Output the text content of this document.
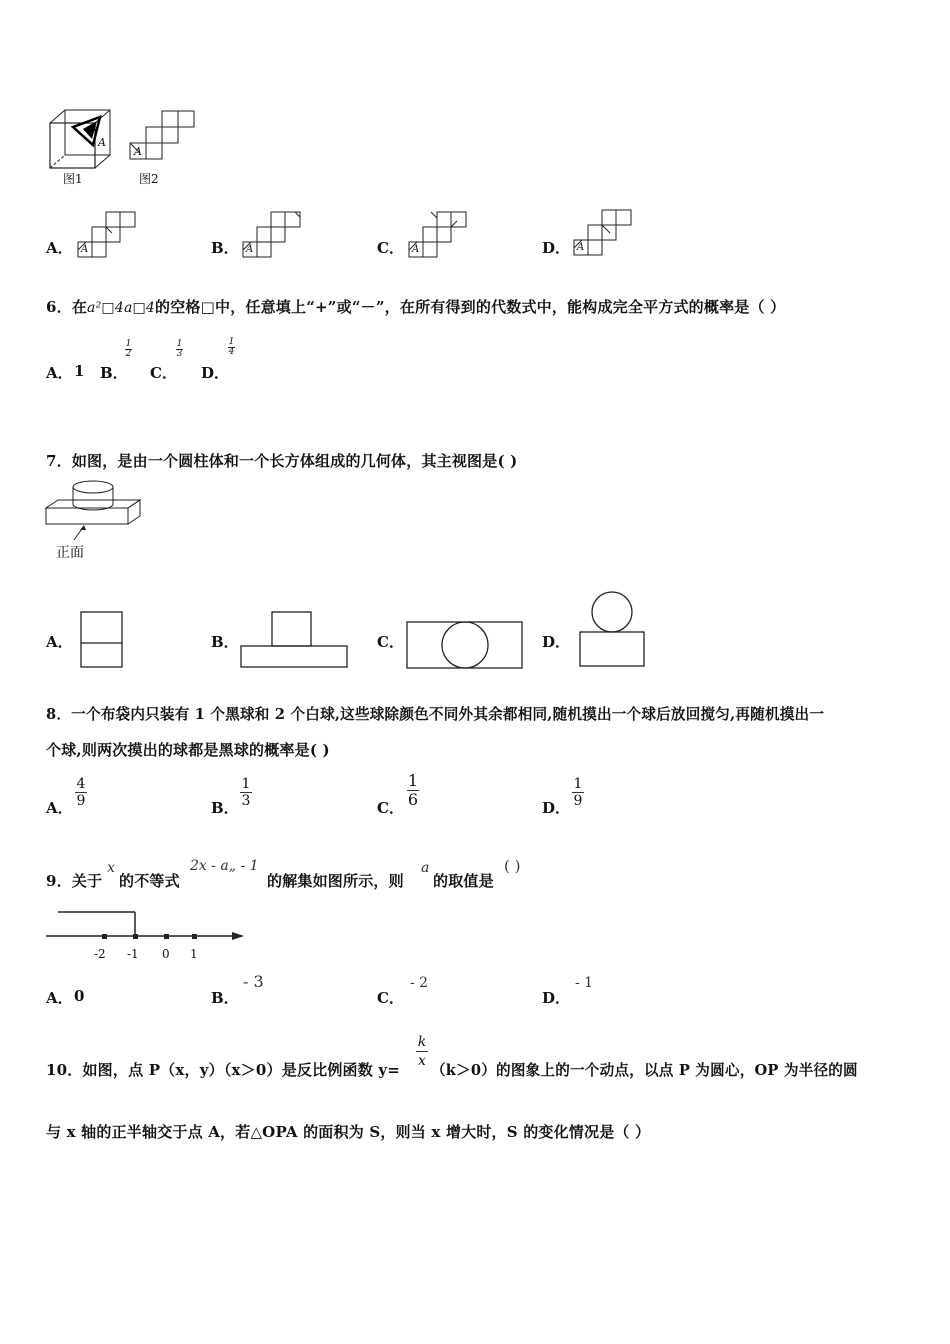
A
A
图1	图2
A． A	B． A	C． A	D． A
6．在a²□4a□4的空格□中，任意填上“+”或“－”，在所有得到的代数式中，能构成完全平方式的概率是（ ）
A． 1 B．
1
2
C．
1
3
D．
1
4
7．如图，是由一个圆柱体和一个长方体组成的几何体，其主视图是( )
正面
A．	B．	C．	D．
8．一个布袋内只装有 1 个黑球和 2 个白球,这些球除颜色不同外其余都相同,随机摸出一个球后放回搅匀,再随机摸出一
个球,则两次摸出的球都是黑球的概率是( )
A．
4
9	B．
1
3	C．
1
6	D．
1
9
9．关于
x
的不等式
2x - a„ - 1
的解集如图所示，则
a
的取值是
( )
-2 -1 0 1
A． 0	B．
- 3
C．
- 2
D．
- 1
10．如图，点 P（x，y）（x＞0）是反比例函数 y=
k
x
（k＞0）的图象上的一个动点，以点 P 为圆心，OP 为半径的圆
与 x 轴的正半轴交于点 A，若△OPA 的面积为 S，则当 x 增大时，S 的变化情况是（ ）
